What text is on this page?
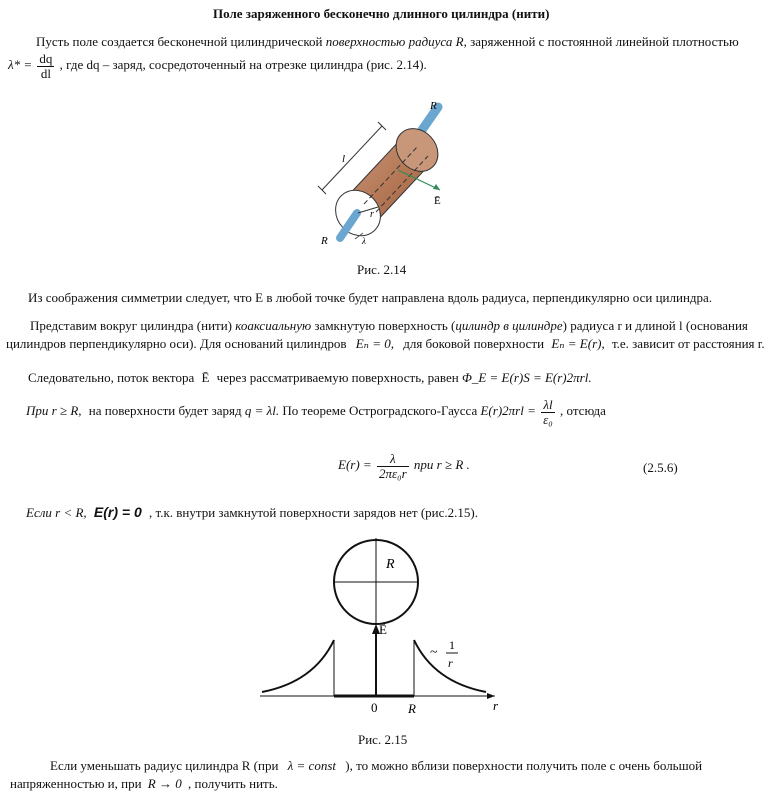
Поле заряженного бесконечно длинного цилиндра (нити)
Пусть поле создается бесконечной цилиндрической поверхностью радиуса R, заряженной с постоянной линейной плотностью
$\lambda* = \frac{dq}{dl}$ , где dq – заряд, сосредоточенный на отрезке цилиндра (рис. 2.14).
R
R
l
r
Ē
λ
Рис. 2.14
Из соображения симметрии следует, что E в любой точке будет направлена вдоль радиуса, перпендикулярно оси цилиндра.
Представим вокруг цилиндра (нити) коаксиальную замкнутую поверхность (цилиндр в цилиндре) радиуса r и длиной l (основания
цилиндров перпендикулярно оси). Для оснований цилиндров Eₙ = 0, для боковой поверхности Eₙ = E(r), т.е. зависит от расстояния r.
Следовательно, поток вектора Ē через рассматриваемую поверхность, равен Φ_E = E(r)S = E(r)2πrl.
При r ≥ R, на поверхности будет заряд q = λl. По теореме Остроградского-Гаусса $E(r)2\pi rl = \frac{\lambda l}{\text{ε₀}}$ , отсюда
$E(r) = \frac{\lambda}{\text{2πε₀r}}$ при r ≥ R .	(2.5.6)
Если r < R, E(r) = 0 , т.к. внутри замкнутой поверхности зарядов нет (рис.2.15).
R
Ē
~ 1
r
0 R	r
Рис. 2.15
Если уменьшать радиус цилиндра R (при λ = const ), то можно вблизи поверхности получить поле с очень большой
напряженностью и, при R → 0 , получить нить.
